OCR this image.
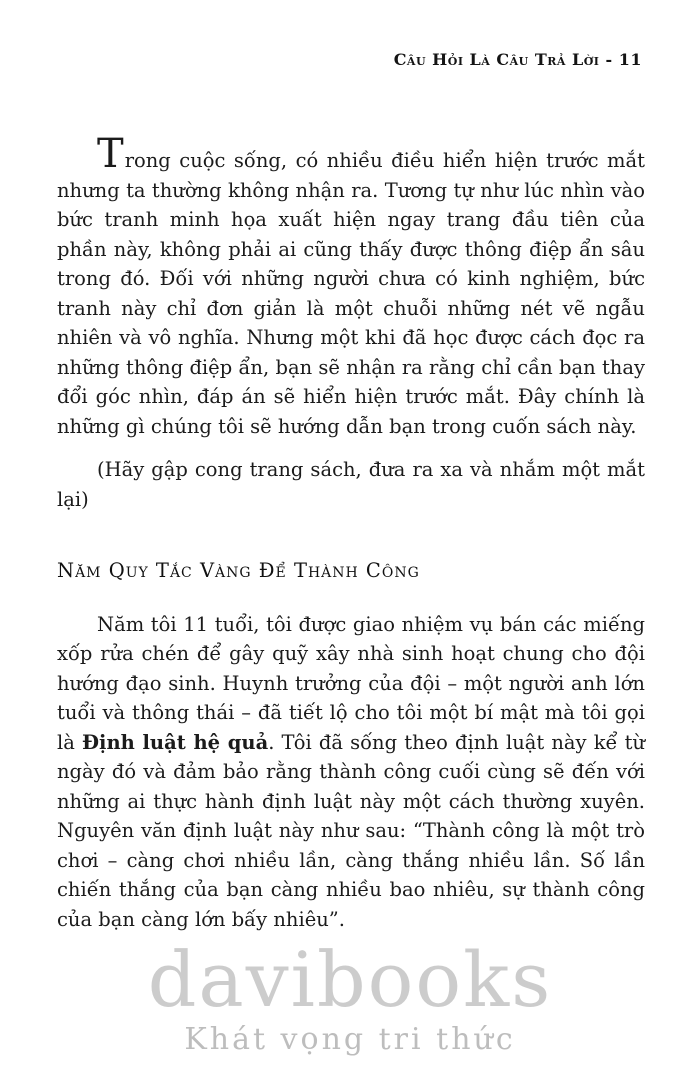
Câu Hỏi Là Câu Trả Lời - 11

Trong cuộc sống, có nhiều điều hiển hiện trước mắt nhưng ta thường không nhận ra. Tương tự như lúc nhìn vào bức tranh minh họa xuất hiện ngay trang đầu tiên của phần này, không phải ai cũng thấy được thông điệp ẩn sâu trong đó. Đối với những người chưa có kinh nghiệm, bức tranh này chỉ đơn giản là một chuỗi những nét vẽ ngẫu nhiên và vô nghĩa. Nhưng một khi đã học được cách đọc ra những thông điệp ẩn, bạn sẽ nhận ra rằng chỉ cần bạn thay đổi góc nhìn, đáp án sẽ hiển hiện trước mắt. Đây chính là những gì chúng tôi sẽ hướng dẫn bạn trong cuốn sách này.

(Hãy gập cong trang sách, đưa ra xa và nhắm một mắt lại)

Năm Quy Tắc Vàng Để Thành Công

Năm tôi 11 tuổi, tôi được giao nhiệm vụ bán các miếng xốp rửa chén để gây quỹ xây nhà sinh hoạt chung cho đội hướng đạo sinh. Huynh trưởng của đội – một người anh lớn tuổi và thông thái – đã tiết lộ cho tôi một bí mật mà tôi gọi là Định luật hệ quả. Tôi đã sống theo định luật này kể từ ngày đó và đảm bảo rằng thành công cuối cùng sẽ đến với những ai thực hành định luật này một cách thường xuyên. Nguyên văn định luật này như sau: “Thành công là một trò chơi – càng chơi nhiều lần, càng thắng nhiều lần. Số lần chiến thắng của bạn càng nhiều bao nhiêu, sự thành công của bạn càng lớn bấy nhiêu”.

davibooks
Khát vọng tri thức
